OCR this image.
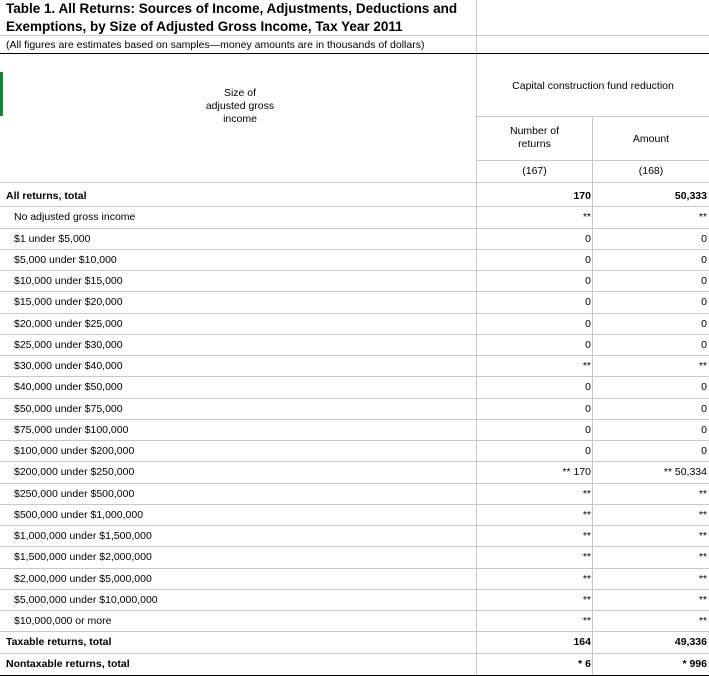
Table 1. All Returns: Sources of Income, Adjustments, Deductions and
Exemptions, by Size of Adjusted Gross Income, Tax Year 2011
(All figures are estimates based on samples—money amounts are in thousands of dollars)
Size of
adjusted gross
income
Capital construction fund reduction
Number of
returns	Amount
(167)	(168)
All returns, total	170	50,333
No adjusted gross income	**	**
$1 under $5,000	0	0
$5,000 under $10,000	0	0
$10,000 under $15,000	0	0
$15,000 under $20,000	0	0
$20,000 under $25,000	0	0
$25,000 under $30,000	0	0
$30,000 under $40,000	**	**
$40,000 under $50,000	0	0
$50,000 under $75,000	0	0
$75,000 under $100,000	0	0
$100,000 under $200,000	0	0
$200,000 under $250,000	** 170	** 50,334
$250,000 under $500,000	**	**
$500,000 under $1,000,000	**	**
$1,000,000 under $1,500,000	**	**
$1,500,000 under $2,000,000	**	**
$2,000,000 under $5,000,000	**	**
$5,000,000 under $10,000,000	**	**
$10,000,000 or more	**	**
Taxable returns, total	164	49,336
Nontaxable returns, total	* 6	* 996
